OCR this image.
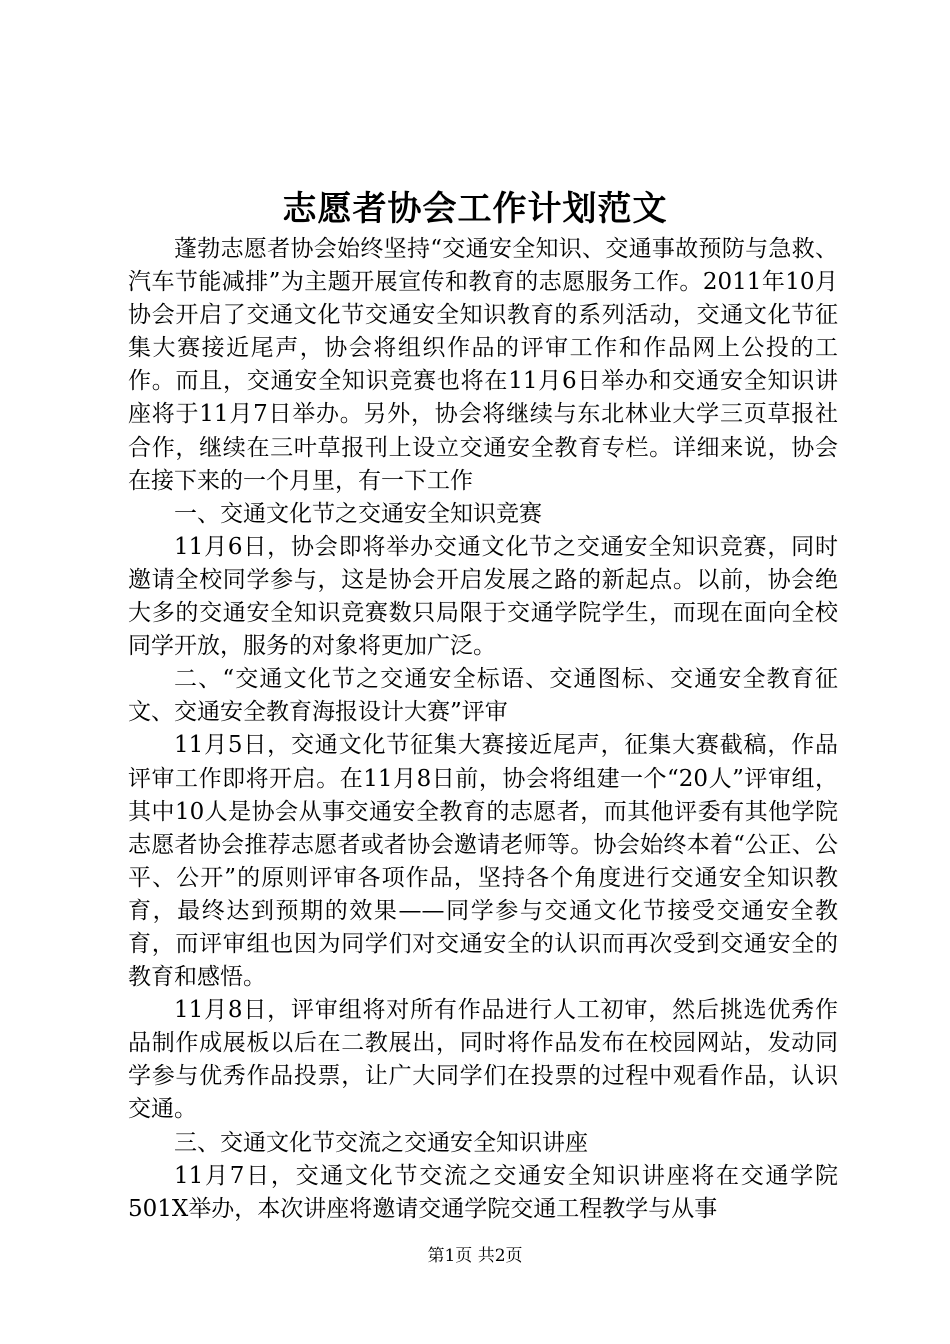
志愿者协会工作计划范文

蓬勃志愿者协会始终坚持“交通安全知识、交通事故预防与急救、汽车节能减排”为主题开展宣传和教育的志愿服务工作。2011年10月协会开启了交通文化节交通安全知识教育的系列活动，交通文化节征集大赛接近尾声，协会将组织作品的评审工作和作品网上公投的工作。而且，交通安全知识竞赛也将在11月6日举办和交通安全知识讲座将于11月7日举办。另外，协会将继续与东北林业大学三页草报社合作，继续在三叶草报刊上设立交通安全教育专栏。详细来说，协会在接下来的一个月里，有一下工作

一、交通文化节之交通安全知识竞赛

11月6日，协会即将举办交通文化节之交通安全知识竞赛，同时邀请全校同学参与，这是协会开启发展之路的新起点。以前，协会绝大多的交通安全知识竞赛数只局限于交通学院学生，而现在面向全校同学开放，服务的对象将更加广泛。

二、“交通文化节之交通安全标语、交通图标、交通安全教育征文、交通安全教育海报设计大赛”评审

11月5日，交通文化节征集大赛接近尾声，征集大赛截稿，作品评审工作即将开启。在11月8日前，协会将组建一个“20人”评审组，其中10人是协会从事交通安全教育的志愿者，而其他评委有其他学院志愿者协会推荐志愿者或者协会邀请老师等。协会始终本着“公正、公平、公开”的原则评审各项作品，坚持各个角度进行交通安全知识教育，最终达到预期的效果——同学参与交通文化节接受交通安全教育，而评审组也因为同学们对交通安全的认识而再次受到交通安全的教育和感悟。

11月8日，评审组将对所有作品进行人工初审，然后挑选优秀作品制作成展板以后在二教展出，同时将作品发布在校园网站，发动同学参与优秀作品投票，让广大同学们在投票的过程中观看作品，认识交通。

三、交通文化节交流之交通安全知识讲座

11月7日，交通文化节交流之交通安全知识讲座将在交通学院501X举办，本次讲座将邀请交通学院交通工程教学与从事

第1页 共2页
